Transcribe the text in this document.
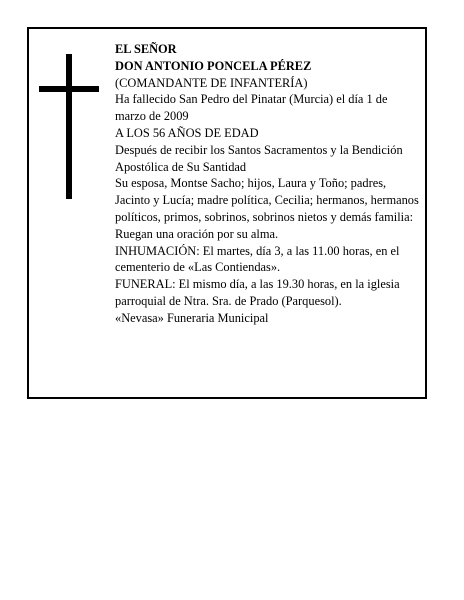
EL SEÑOR

DON ANTONIO PONCELA PÉREZ

(COMANDANTE DE INFANTERÍA)

Ha fallecido San Pedro del Pinatar (Murcia) el día 1 de marzo de 2009

A LOS 56 AÑOS DE EDAD

Después de recibir los Santos Sacramentos y la Bendición Apostólica de Su Santidad

Su esposa, Montse Sacho; hijos, Laura y Toño; padres, Jacinto y Lucía; madre política, Cecilia; hermanos, hermanos políticos, primos, sobrinos, sobrinos nietos y demás familia:

Ruegan una oración por su alma.

INHUMACIÓN: El martes, día 3, a las 11.00 horas, en el cementerio de «Las Contiendas».

FUNERAL: El mismo día, a las 19.30 horas, en la iglesia parroquial de Ntra. Sra. de Prado (Parquesol).

«Nevasa» Funeraria Municipal
